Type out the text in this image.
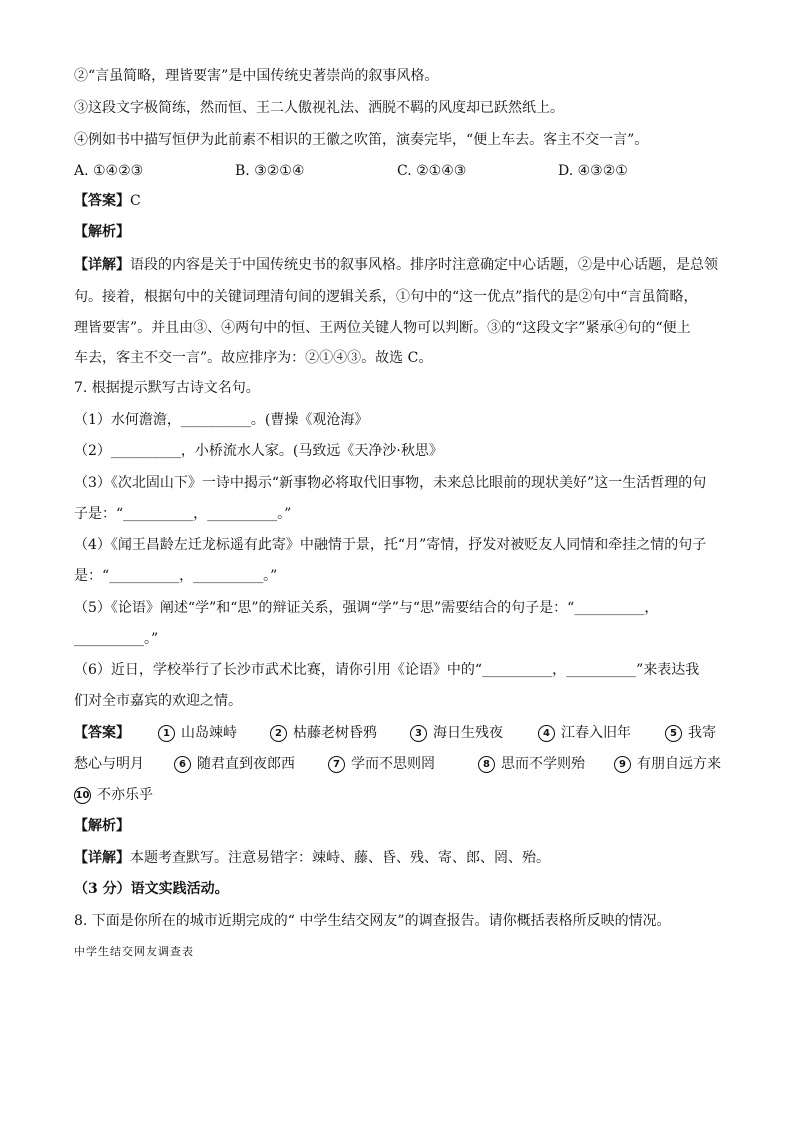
②“言虽简略，理皆要害”是中国传统史著崇尚的叙事风格。
③这段文字极简练，然而恒、王二人傲视礼法、洒脱不羁的风度却已跃然纸上。
④例如书中描写恒伊为此前素不相识的王徽之吹笛，演奏完毕，“便上车去。客主不交一言”。
A. ①④②③	B. ③②①④	C. ②①④③	D. ④③②①
【答案】C
【解析】
【详解】语段的内容是关于中国传统史书的叙事风格。排序时注意确定中心话题，②是中心话题，是总领
句。接着，根据句中的关键词理清句间的逻辑关系，①句中的“这一优点”指代的是②句中“言虽简略，
理皆要害”。并且由③、④两句中的恒、王两位关键人物可以判断。③的“这段文字”紧承④句的“便上
车去，客主不交一言”。故应排序为：②①④③。故选 C。
7. 根据提示默写古诗文名句。
（1）水何澹澹，__________。(曹操《观沧海》
（2）__________，小桥流水人家。(马致远《天净沙·秋思》
（3）《次北固山下》一诗中揭示“新事物必将取代旧事物，未来总比眼前的现状美好”这一生活哲理的句
子是：“__________，__________。”
（4）《闻王昌龄左迁龙标遥有此寄》中融情于景，托“月”寄情，抒发对被贬友人同情和牵挂之情的句子
是：“__________，__________。”
（5）《论语》阐述“学”和“思”的辩证关系，强调“学”与“思”需要结合的句子是：“__________，
__________。”
（6）近日，学校举行了长沙市武术比赛，请你引用《论语》中的“__________，__________”来表达我
们对全市嘉宾的欢迎之情。
【答案】	1 山岛竦峙	2 枯藤老树昏鸦	3 海日生残夜	4 江春入旧年	5 我寄
愁心与明月	6 随君直到夜郎西	7 学而不思则罔	8 思而不学则殆	9 有朋自远方来
10 不亦乐乎
【解析】
【详解】本题考查默写。注意易错字：竦峙、藤、昏、残、寄、郎、罔、殆。
（3 分）语文实践活动。
8. 下面是你所在的城市近期完成的“ 中学生结交网友”的调查报告。请你概括表格所反映的情况。
中学生结交网友调查表
